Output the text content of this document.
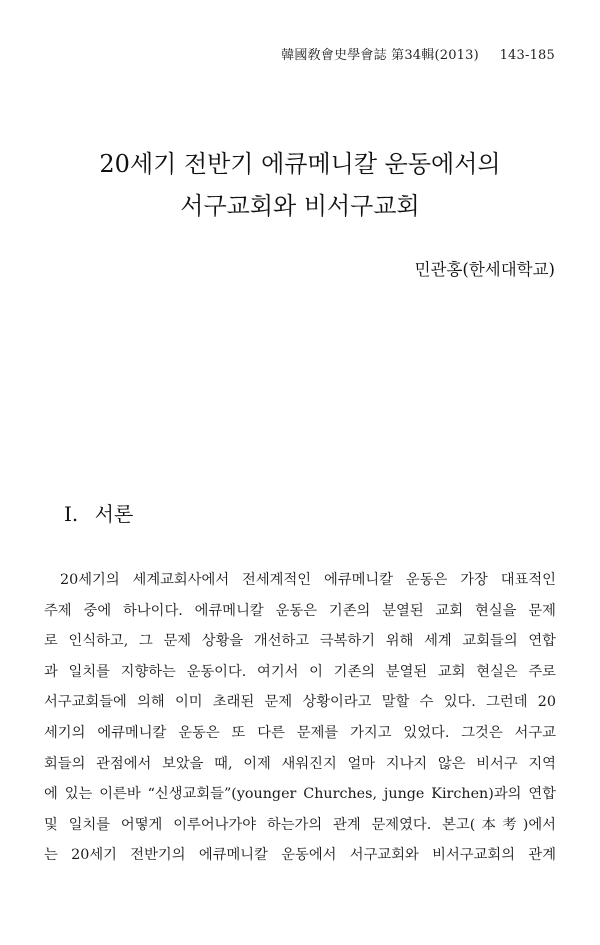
韓國敎會史學會誌 第34輯(2013) 143-185
20세기 전반기 에큐메니칼 운동에서의
서구교회와 비서구교회
민관홍(한세대학교)
Ⅰ. 서론
20세기의 세계교회사에서 전세계적인 에큐메니칼 운동은 가장 대표적인
주제 중에 하나이다. 에큐메니칼 운동은 기존의 분열된 교회 현실을 문제
로 인식하고, 그 문제 상황을 개선하고 극복하기 위해 세계 교회들의 연합
과 일치를 지향하는 운동이다. 여기서 이 기존의 분열된 교회 현실은 주로
서구교회들에 의해 이미 초래된 문제 상황이라고 말할 수 있다. 그런데 20
세기의 에큐메니칼 운동은 또 다른 문제를 가지고 있었다. 그것은 서구교
회들의 관점에서 보았을 때, 이제 새워진지 얼마 지나지 않은 비서구 지역
에 있는 이른바 “신생교회들”(younger Churches, junge Kirchen)과의 연합
및 일치를 어떻게 이루어나가야 하는가의 관계 문제였다. 본고(本考)에서
는 20세기 전반기의 에큐메니칼 운동에서 서구교회와 비서구교회의 관계
